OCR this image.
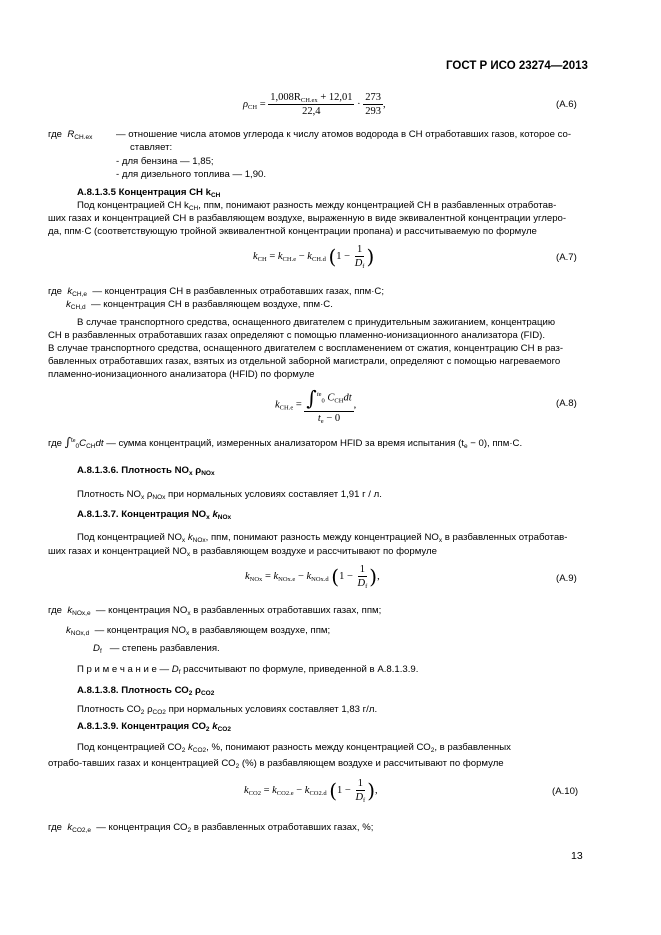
ГОСТ Р ИСО 23274—2013
$\rho_{CH} = \frac{1,008R_{CH.ex} + 12,01}{22,4} \cdot \frac{273}{293}$ ,	(A.6)
где $R_{CH.ex}$ — отношение числа атомов углерода к числу атомов водорода в СН отработавших газов, которое со-
ставляет:
- для бензина — 1,85;
- для дизельного топлива — 1,90.
А.8.1.3.5 Концентрация СН $k_{CH}$
Под концентрацией СН $k_{CH}$, ппм, понимают разность между концентрацией СН в разбавленных отработав-
ших газах и концентрацией СН в разбавляющем воздухе, выраженную в виде эквивалентной концентрации углеро-
да, ппм·С (соответствующую тройной эквивалентной концентрации пропана) и рассчитываемую по формуле
$k_{CH} = k_{CH.e} - k_{CH.d}$ ($1 - \frac{1}{D_f}$ )	(A.7)
где $k_{CH,e}$ — концентрация СН в разбавленных отработавших газах, ппм·С;
$k_{CH,d}$ — концентрация СН в разбавляющем воздухе, ппм·С.
В случае транспортного средства, оснащенного двигателем с принудительным зажиганием, концентрацию
СН в разбавленных отработавших газах определяют с помощью пламенно-ионизационного анализатора (FID).
В случае транспортного средства, оснащенного двигателем с воспламенением от сжатия, концентрацию СН в раз-
бавленных отработавших газах, взятых из отдельной заборной магистрали, определяют с помощью нагреваемого
пламенно-ионизационного анализатора (HFID) по формуле
$k_{CH.e} = \frac{\int^{te}_0 C_{CH}dt}{t_e - 0}$ ,	(A.8)
где $\int^{te}_0C_{CH}dt$ — сумма концентраций, измеренных анализатором HFID за время испытания $(t_e - 0)$, ппм·С.
А.8.1.3.6. Плотность $NO_x$ $\rho_{NOx}$
Плотность $NO_x$ $\rho_{NOx}$ при нормальных условиях составляет 1,91 г / л.
А.8.1.3.7. Концентрация $NO_x$ $k_{NOx}$
Под концентрацией $NO_x$ $k_{NOx}$, ппм, понимают разность между концентрацией $NO_x$ в разбавленных отработав-
ших газах и концентрацией $NO_x$ в разбавляющем воздухе и рассчитывают по формуле
$k_{NOx} = k_{NOx.e} - k_{NOx.d}$ ($1 - \frac{1}{D_f}$ ),	(A.9)
где $k_{NOx,e}$ — концентрация $NO_x$ в разбавленных отработавших газах, ппм;
$k_{NOx,d}$ — концентрация $NO_x$ в разбавляющем воздухе, ппм;
$D_f$ — степень разбавления.
П р и м е ч а н и е — $D_f$ рассчитывают по формуле, приведенной в А.8.1.3.9.
А.8.1.3.8. Плотность $СО_2$ $\rho_{CO2}$
Плотность $СО_2$ $\rho_{CO2}$ при нормальных условиях составляет 1,83 г/л.
А.8.1.3.9. Концентрация $СО_2$ $k_{CO2}$
Под концентрацией $СО_2$ $k_{CO2}$, %, понимают разность между концентрацией $СО_2$, в разбавленных
отрабо-тавших газах и концентрацией $СО_2$ (%) в разбавляющем воздухе и рассчитывают по формуле
$k_{CO2} = k_{CO2.e} - k_{CO2.d}$ ($1 - \frac{1}{D_f}$ ),	(A.10)
где $k_{CO2,e}$ — концентрация $СО_2$ в разбавленных отработавших газах, %;
13
